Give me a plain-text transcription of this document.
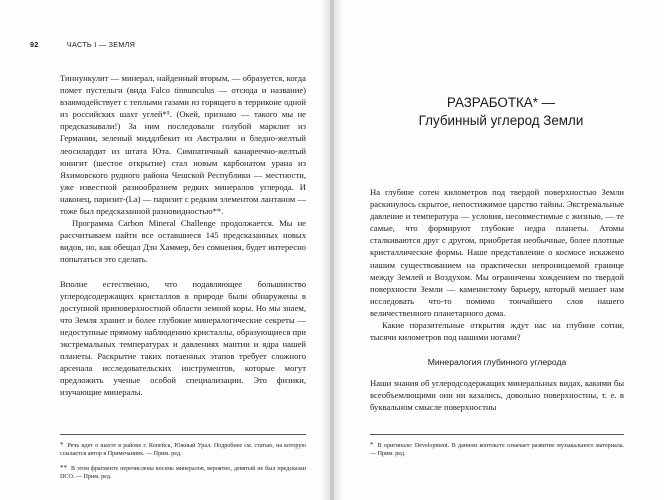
92	ЧАСТЬ I — ЗЕМЛЯ

Тиннункулит — минерал, найденный вторым, — образуется, когда помет пустельги (вида Falco tinnunculus — отсюда и название) взаимодействует с теплыми газами из горящего в терриконе одной из российских шахт углей*⁵. (Окей, признаю — такого мы не предсказывали!) За ним последовали голубой марклит из Германии, зеленый миддлбекит из Австралии и бледно-желтый леосилардит из штата Юта. Симпатичный канареечно-желтый юингит (шестое открытие) стал новым карбонатом урана из Яхимовского рудного района Чешской Республики — местности, уже известной разнообразием редких минералов углерода. И наконец, паризит-(La) — паризит с редким элементом лантаном — тоже был предсказанной разновидностью**.

Программа Carbon Mineral Challenge продолжается. Мы не рассчитываем найти все оставшиеся 145 предсказанных новых видов, но, как обещал Дэн Хаммер, без сомнения, будет интересно попытаться это сделать.

Вполне естественно, что подавляющее большинство углеродсодержащих кристаллов в природе были обнаружены в доступной приповерхностной области земной коры. Но мы знаем, что Земля хранит и более глубокие минералогические секреты — недоступные прямому наблюдению кристаллы, образующиеся при экстремальных температурах и давлениях мантии и ядра нашей планеты. Раскрытие таких потаенных этапов требует сложного арсенала исследовательских инструментов, которые могут предложить ученые особой специализации. Это физики, изучающие минералы.

* Речь идет о шахте в районе г. Копейск, Южный Урал. Подробнее см. статью, на которую ссылается автор в Примечаниях. — Прим. ред.

** В этом фрагменте перечислены восемь минералов, вероятно, девятый не был предсказан DCO. — Прим. ред.

РАЗРАБОТКА* —
Глубинный углерод Земли

На глубине сотен километров под твердой поверхностью Земли раскинулось скрытое, непостижимое царство тайны. Экстремальные давление и температура — условия, несовместимые с жизнью, — те самые, что формируют глубокие недра планеты. Атомы сталкиваются друг с другом, приобретая необычные, более плотные кристаллические формы. Наше представление о космосе искажено нашим существованием на практически непроницаемой границе между Землей и Воздухом. Мы ограничены хождением по твердой поверхности Земли — каменистому барьеру, который мешает нам исследовать что-то помимо тончайшего слоя нашего величественного планетарного дома.

Какие поразительные открытия ждут нас на глубине сотни, тысячи километров под нашими ногами?

Минералогия глубинного углерода

Наши знания об углеродсодержащих минеральных видах, какими бы всеобъемлющими они ни казались, довольно поверхностны, т. е. в буквальном смысле поверхностны

* В оригинале: Development. В данном контексте означает развитие музыкального материала. — Прим. ред.
